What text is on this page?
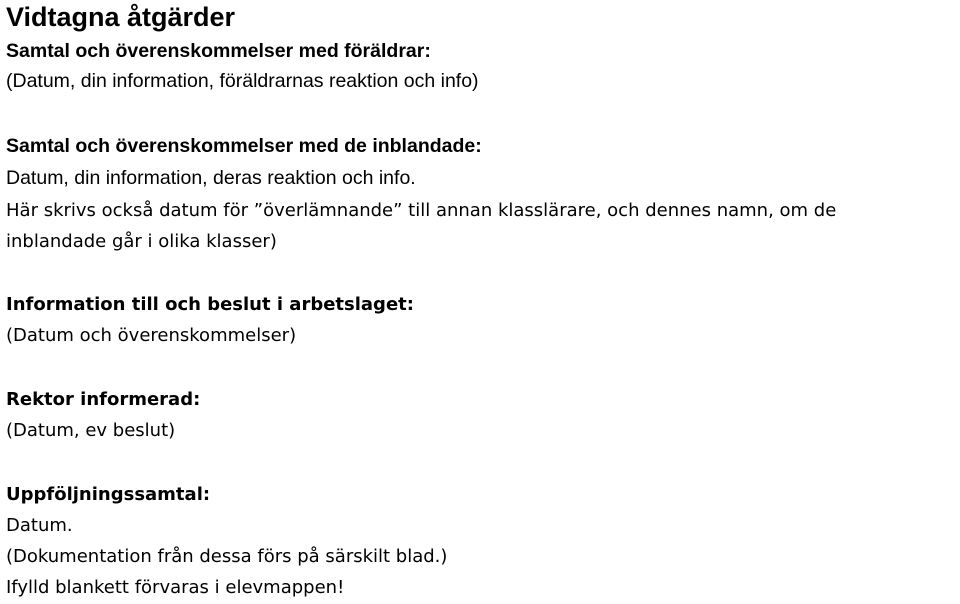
Vidtagna åtgärder

Samtal och överenskommelser med föräldrar:

(Datum, din information, föräldrarnas reaktion och info)

Samtal och överenskommelser med de inblandade:

Datum, din information, deras reaktion och info.

Här skrivs också datum för ”överlämnande” till annan klasslärare, och dennes namn, om de

inblandade går i olika klasser)

Information till och beslut i arbetslaget:

(Datum och överenskommelser)

Rektor informerad:

(Datum, ev beslut)

Uppföljningssamtal:

Datum.

(Dokumentation från dessa förs på särskilt blad.)

Ifylld blankett förvaras i elevmappen!
